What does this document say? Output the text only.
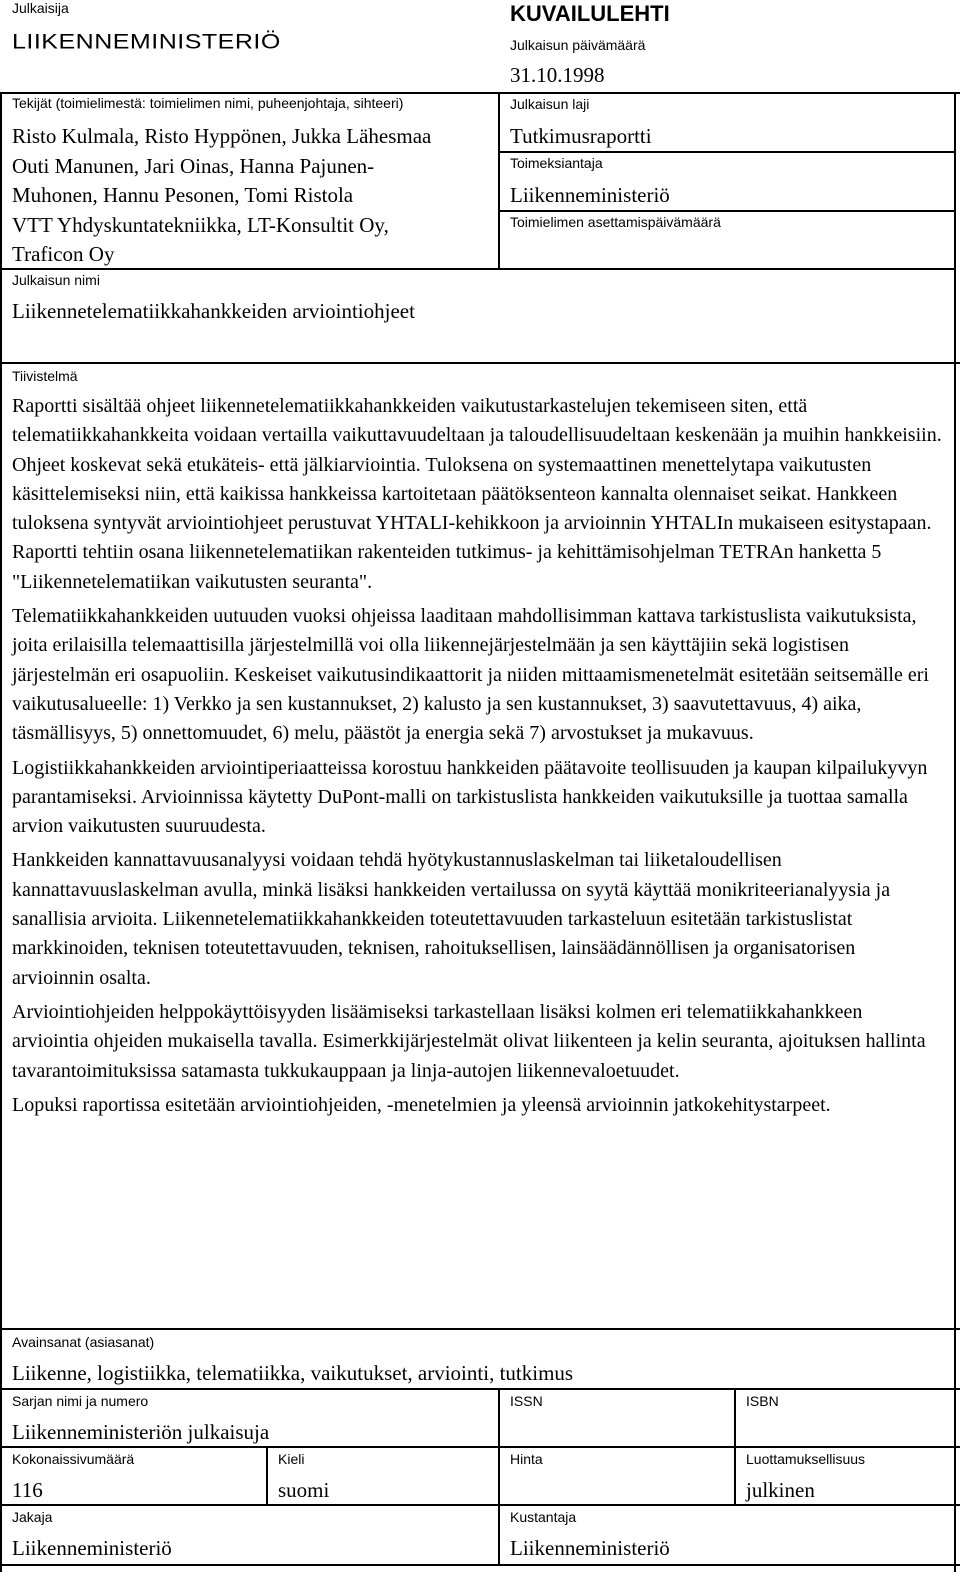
Julkaisija
LIIKENNEMINISTERIÖ
KUVAILULEHTI
Julkaisun päivämäärä
31.10.1998
Tekijät (toimielimestä: toimielimen nimi, puheenjohtaja, sihteeri)
Risto Kulmala, Risto Hyppönen, Jukka Lähesmaa
Outi Manunen, Jari Oinas, Hanna Pajunen-
Muhonen, Hannu Pesonen, Tomi Ristola
VTT Yhdyskuntatekniikka, LT-Konsultit Oy,
Traficon Oy
Julkaisun nimi
Liikennetelematiikkahankkeiden arviointiohjeet
Julkaisun laji
Tutkimusraportti
Toimeksiantaja
Liikenneministeriö
Toimielimen asettamispäivämäärä
Tiivistelmä

Raportti sisältää ohjeet liikennetelematiikkahankkeiden vaikutustarkastelujen tekemiseen siten, että telematiikkahankkeita voidaan vertailla vaikuttavuudeltaan ja taloudellisuudeltaan keskenään ja muihin hankkeisiin. Ohjeet koskevat sekä etukäteis- että jälkiarviointia. Tuloksena on systemaattinen menettelytapa vaikutusten käsittelemiseksi niin, että kaikissa hankkeissa kartoitetaan päätöksenteon kannalta olennaiset seikat. Hankkeen tuloksena syntyvät arviointiohjeet perustuvat YHTALI-kehikkoon ja arvioinnin YHTALIn mukaiseen esitystapaan. Raportti tehtiin osana liikennetelematiikan rakenteiden tutkimus- ja kehittämisohjelman TETRAn hanketta 5 "Liikennetelematiikan vaikutusten seuranta".

Telematiikkahankkeiden uutuuden vuoksi ohjeissa laaditaan mahdollisimman kattava tarkistuslista vaikutuksista, joita erilaisilla telemaattisilla järjestelmillä voi olla liikennejärjestelmään ja sen käyttäjiin sekä logistisen järjestelmän eri osapuoliin. Keskeiset vaikutusindikaattorit ja niiden mittaamismenetelmät esitetään seitsemälle eri vaikutusalueelle: 1) Verkko ja sen kustannukset, 2) kalusto ja sen kustannukset, 3) saavutettavuus, 4) aika, täsmällisyys, 5) onnettomuudet, 6) melu, päästöt ja energia sekä 7) arvostukset ja mukavuus.

Logistiikkahankkeiden arviointiperiaatteissa korostuu hankkeiden päätavoite teollisuuden ja kaupan kilpailukyvyn parantamiseksi. Arvioinnissa käytetty DuPont-malli on tarkistuslista hankkeiden vaikutuksille ja tuottaa samalla arvion vaikutusten suuruudesta.

Hankkeiden kannattavuusanalyysi voidaan tehdä hyötykustannuslaskelman tai liiketaloudellisen kannattavuuslaskelman avulla, minkä lisäksi hankkeiden vertailussa on syytä käyttää monikriteerianalyysia ja sanallisia arvioita. Liikennetelematiikkahankkeiden toteutettavuuden tarkasteluun esitetään tarkistuslistat markkinoiden, teknisen toteutettavuuden, teknisen, rahoituksellisen, lainsäädännöllisen ja organisatorisen arvioinnin osalta.

Arviointiohjeiden helppokäyttöisyyden lisäämiseksi tarkastellaan lisäksi kolmen eri telematiikkahankkeen arviointia ohjeiden mukaisella tavalla. Esimerkkijärjestelmät olivat liikenteen ja kelin seuranta, ajoituksen hallinta tavarantoimituksissa satamasta tukkukauppaan ja linja-autojen liikennevaloetuudet.

Lopuksi raportissa esitetään arviointiohjeiden, -menetelmien ja yleensä arvioinnin jatkokehitystarpeet.

Avainsanat (asiasanat)
Liikenne, logistiikka, telematiikka, vaikutukset, arviointi, tutkimus
Sarjan nimi ja numero
Liikenneministeriön julkaisuja
ISSN	ISBN
Kokonaissivumäärä
116
Kieli
suomi
Hinta	Luottamuksellisuus
julkinen
Jakaja
Liikenneministeriö
Kustantaja
Liikenneministeriö
